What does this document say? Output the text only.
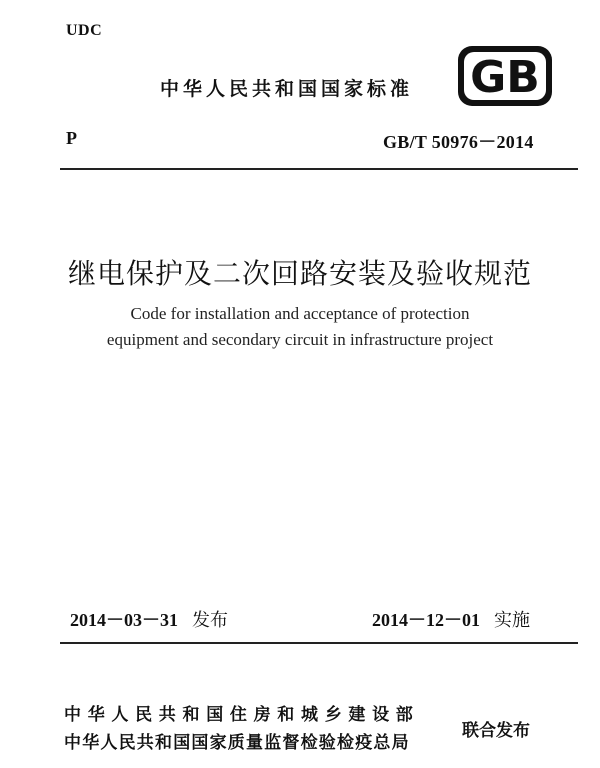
UDC
中华人民共和国国家标准 GB
P	GB/T 50976－2014
继电保护及二次回路安装及验收规范
Code for installation and acceptance of protection
equipment and secondary circuit in infrastructure project
2014－03－31 发布	2014－12－01 实施
中华人民共和国住房和城乡建设部
中华人民共和国国家质量监督检验检疫总局
联合发布
